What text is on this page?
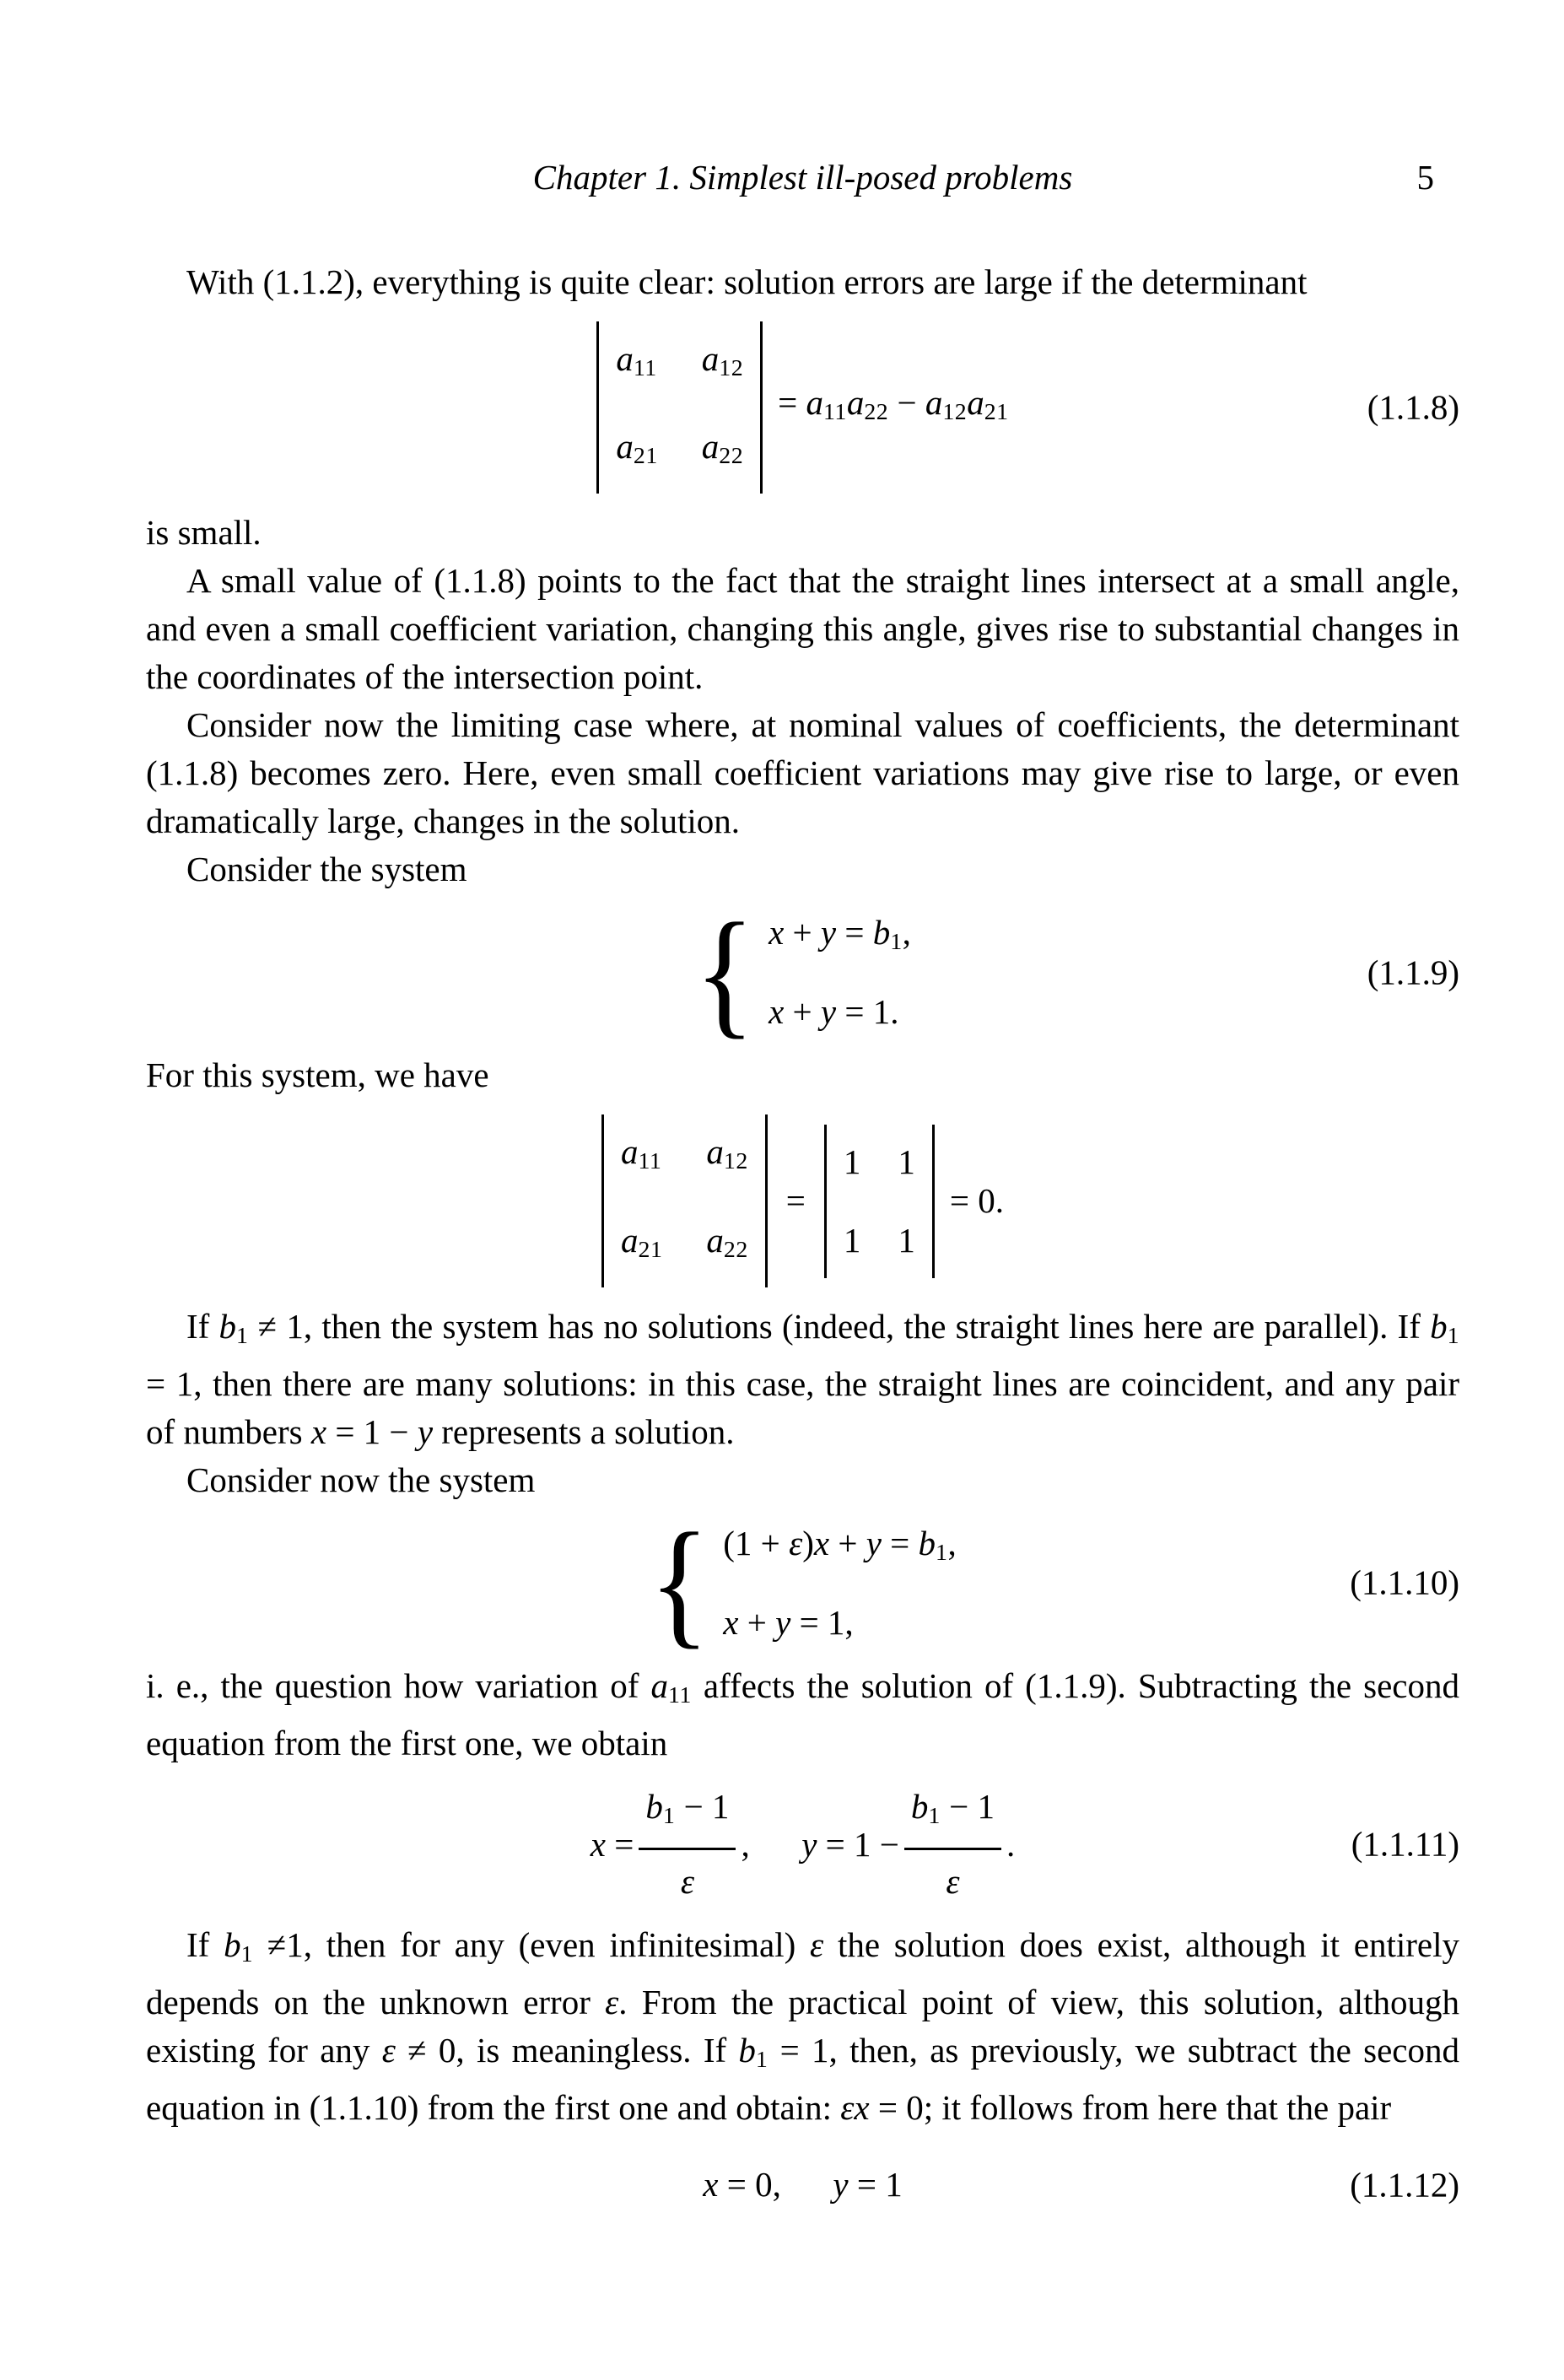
Chapter 1. Simplest ill-posed problems	5

With (1.1.2), everything is quite clear: solution errors are large if the determinant

a11 a12
a21 a22
= a11a22 − a12a21	(1.1.8)

is small.

A small value of (1.1.8) points to the fact that the straight lines intersect at a small angle, and even a small coefficient variation, changing this angle, gives rise to substantial changes in the coordinates of the intersection point.

Consider now the limiting case where, at nominal values of coefficients, the determinant (1.1.8) becomes zero. Here, even small coefficient variations may give rise to large, or even dramatically large, changes in the solution.

Consider the system

{ x + y = b1,
x + y = 1.
(1.1.9)

For this system, we have

a11 a12
a21 a22
=
1 1
1 1
= 0.

If b1 ≠ 1, then the system has no solutions (indeed, the straight lines here are parallel). If b1 = 1, then there are many solutions: in this case, the straight lines are coincident, and any pair of numbers x = 1 − y represents a solution.

Consider now the system

{ (1 + ε)x + y = b1,
x + y = 1,
(1.1.10)

i. e., the question how variation of a11 affects the solution of (1.1.9). Subtracting the second equation from the first one, we obtain

$x = \frac{b1 - 1}{\varepsilon}$ , $y = 1 - \frac{b1 - 1}{\varepsilon}$ .	(1.1.11)

If b1 ≠1, then for any (even infinitesimal) ε the solution does exist, although it entirely depends on the unknown error ε. From the practical point of view, this solution, although existing for any ε ≠ 0, is meaningless. If b1 = 1, then, as previously, we subtract the second equation in (1.1.10) from the first one and obtain: εx = 0; it follows from here that the pair

x = 0, y = 1	(1.1.12)
